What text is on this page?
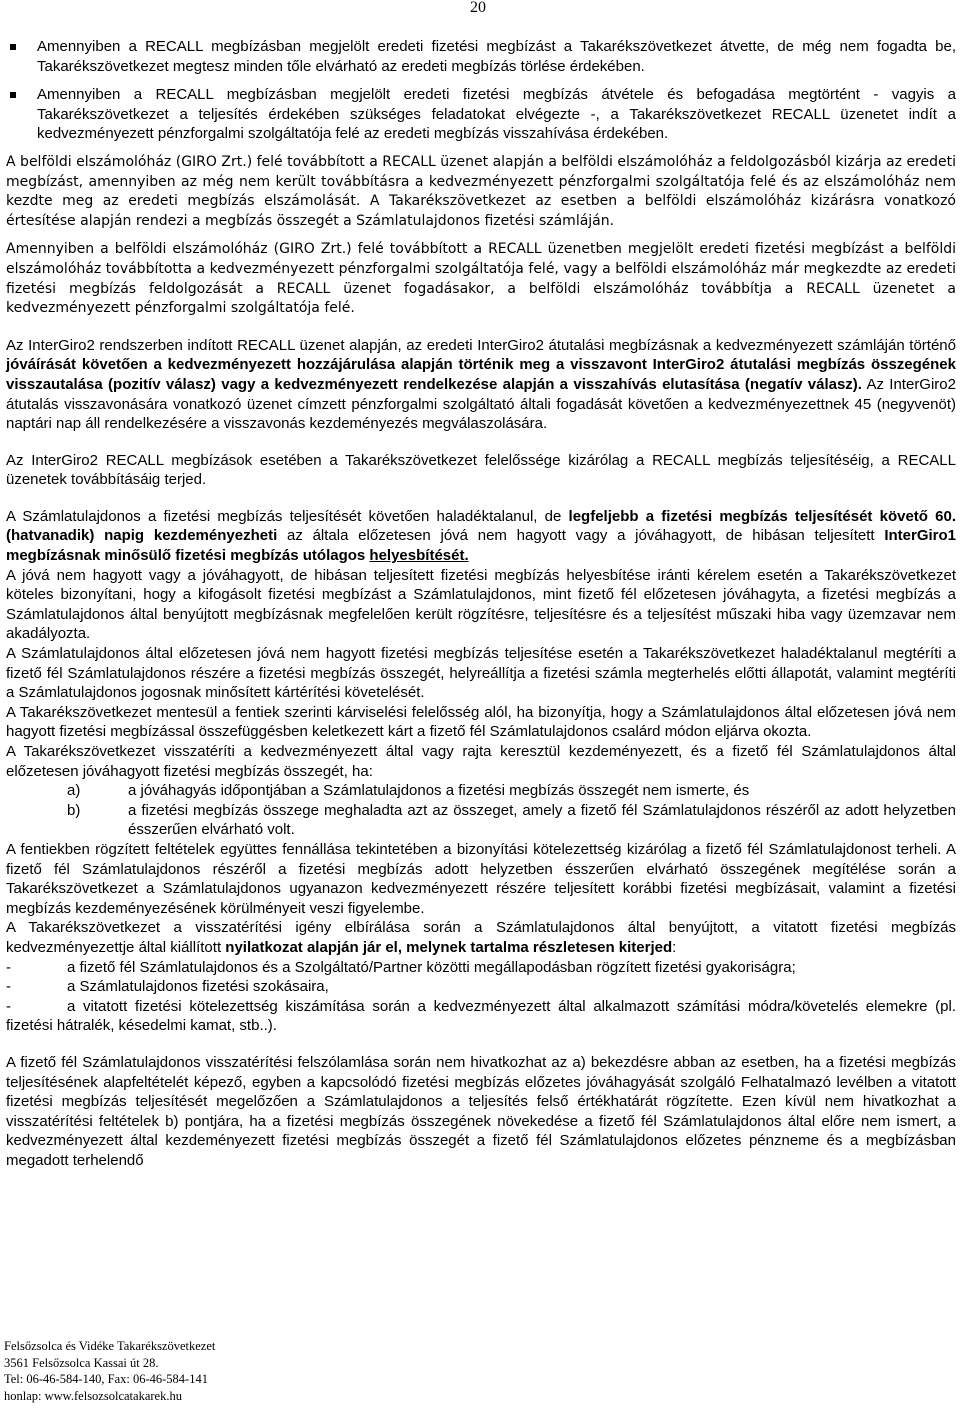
20

Amennyiben a RECALL megbízásban megjelölt eredeti fizetési megbízást a Takarékszövetkezet átvette, de még nem fogadta be, Takarékszövetkezet megtesz minden tőle elvárható az eredeti megbízás törlése érdekében.

Amennyiben a RECALL megbízásban megjelölt eredeti fizetési megbízás átvétele és befogadása megtörtént - vagyis a Takarékszövetkezet a teljesítés érdekében szükséges feladatokat elvégezte -, a Takarékszövetkezet RECALL üzenetet indít a kedvezményezett pénzforgalmi szolgáltatója felé az eredeti megbízás visszahívása érdekében.

A belföldi elszámolóház (GIRO Zrt.) felé továbbított a RECALL üzenet alapján a belföldi elszámolóház a feldolgozásból kizárja az eredeti megbízást, amennyiben az még nem került továbbításra a kedvezményezett pénzforgalmi szolgáltatója felé és az elszámolóház nem kezdte meg az eredeti megbízás elszámolását. A Takarékszövetkezet az esetben a belföldi elszámolóház kizárásra vonatkozó értesítése alapján rendezi a megbízás összegét a Számlatulajdonos fizetési számláján.

Amennyiben a belföldi elszámolóház (GIRO Zrt.) felé továbbított a RECALL üzenetben megjelölt eredeti fizetési megbízást a belföldi elszámolóház továbbította a kedvezményezett pénzforgalmi szolgáltatója felé, vagy a belföldi elszámolóház már megkezdte az eredeti fizetési megbízás feldolgozását a RECALL üzenet fogadásakor, a belföldi elszámolóház továbbítja a RECALL üzenetet a kedvezményezett pénzforgalmi szolgáltatója felé.

Az InterGiro2 rendszerben indított RECALL üzenet alapján, az eredeti InterGiro2 átutalási megbízásnak a kedvezményezett számláján történő jóváírását követően a kedvezményezett hozzájárulása alapján történik meg a visszavont InterGiro2 átutalási megbízás összegének visszautalása (pozitív válasz) vagy a kedvezményezett rendelkezése alapján a visszahívás elutasítása (negatív válasz). Az InterGiro2 átutalás visszavonására vonatkozó üzenet címzett pénzforgalmi szolgáltató általi fogadását követően a kedvezményezettnek 45 (negyvenöt) naptári nap áll rendelkezésére a visszavonás kezdeményezés megválaszolására.

Az InterGiro2 RECALL megbízások esetében a Takarékszövetkezet felelőssége kizárólag a RECALL megbízás teljesítéséig, a RECALL üzenetek továbbításáig terjed.

A Számlatulajdonos a fizetési megbízás teljesítését követően haladéktalanul, de legfeljebb a fizetési megbízás teljesítését követő 60. (hatvanadik) napig kezdeményezheti az általa előzetesen jóvá nem hagyott vagy a jóváhagyott, de hibásan teljesített InterGiro1 megbízásnak minősülő fizetési megbízás utólagos helyesbítését.

A jóvá nem hagyott vagy a jóváhagyott, de hibásan teljesített fizetési megbízás helyesbítése iránti kérelem esetén a Takarékszövetkezet köteles bizonyítani, hogy a kifogásolt fizetési megbízást a Számlatulajdonos, mint fizető fél előzetesen jóváhagyta, a fizetési megbízás a Számlatulajdonos által benyújtott megbízásnak megfelelően került rögzítésre, teljesítésre és a teljesítést műszaki hiba vagy üzemzavar nem akadályozta.

A Számlatulajdonos által előzetesen jóvá nem hagyott fizetési megbízás teljesítése esetén a Takarékszövetkezet haladéktalanul megtéríti a fizető fél Számlatulajdonos részére a fizetési megbízás összegét, helyreállítja a fizetési számla megterhelés előtti állapotát, valamint megtéríti a Számlatulajdonos jogosnak minősített kártérítési követelését.

A Takarékszövetkezet mentesül a fentiek szerinti kárviselési felelősség alól, ha bizonyítja, hogy a Számlatulajdonos által előzetesen jóvá nem hagyott fizetési megbízással összefüggésben keletkezett kárt a fizető fél Számlatulajdonos csalárd módon eljárva okozta.

A Takarékszövetkezet visszatéríti a kedvezményezett által vagy rajta keresztül kezdeményezett, és a fizető fél Számlatulajdonos által előzetesen jóváhagyott fizetési megbízás összegét, ha:

a)	a jóváhagyás időpontjában a Számlatulajdonos a fizetési megbízás összegét nem ismerte, és

b)	a fizetési megbízás összege meghaladta azt az összeget, amely a fizető fél Számlatulajdonos részéről az adott helyzetben ésszerűen elvárható volt.

A fentiekben rögzített feltételek együttes fennállása tekintetében a bizonyítási kötelezettség kizárólag a fizető fél Számlatulajdonost terheli. A fizető fél Számlatulajdonos részéről a fizetési megbízás adott helyzetben ésszerűen elvárható összegének megítélése során a Takarékszövetkezet a Számlatulajdonos ugyanazon kedvezményezett részére teljesített korábbi fizetési megbízásait, valamint a fizetési megbízás kezdeményezésének körülményeit veszi figyelembe.

A Takarékszövetkezet a visszatérítési igény elbírálása során a Számlatulajdonos által benyújtott, a vitatott fizetési megbízás kedvezményezettje által kiállított nyilatkozat alapján jár el, melynek tartalma részletesen kiterjed:

-	a fizető fél Számlatulajdonos és a Szolgáltató/Partner közötti megállapodásban rögzített fizetési gyakoriságra;

-	a Számlatulajdonos fizetési szokásaira,

-	a vitatott fizetési kötelezettség kiszámítása során a kedvezményezett által alkalmazott számítási módra/követelés elemekre (pl. fizetési hátralék, késedelmi kamat, stb..).

A fizető fél Számlatulajdonos visszatérítési felszólamlása során nem hivatkozhat az a) bekezdésre abban az esetben, ha a fizetési megbízás teljesítésének alapfeltételét képező, egyben a kapcsolódó fizetési megbízás előzetes jóváhagyását szolgáló Felhatalmazó levélben a vitatott fizetési megbízás teljesítését megelőzően a Számlatulajdonos a teljesítés felső értékhatárát rögzítette. Ezen kívül nem hivatkozhat a visszatérítési feltételek b) pontjára, ha a fizetési megbízás összegének növekedése a fizető fél Számlatulajdonos által előre nem ismert, a kedvezményezett által kezdeményezett fizetési megbízás összegét a fizető fél Számlatulajdonos előzetes pénzneme és a megbízásban megadott terhelendő

Felsőzsolca és Vidéke Takarékszövetkezet
3561 Felsőzsolca Kassai út 28.
Tel: 06-46-584-140, Fax: 06-46-584-141
honlap: www.felsozsolcatakarek.hu
